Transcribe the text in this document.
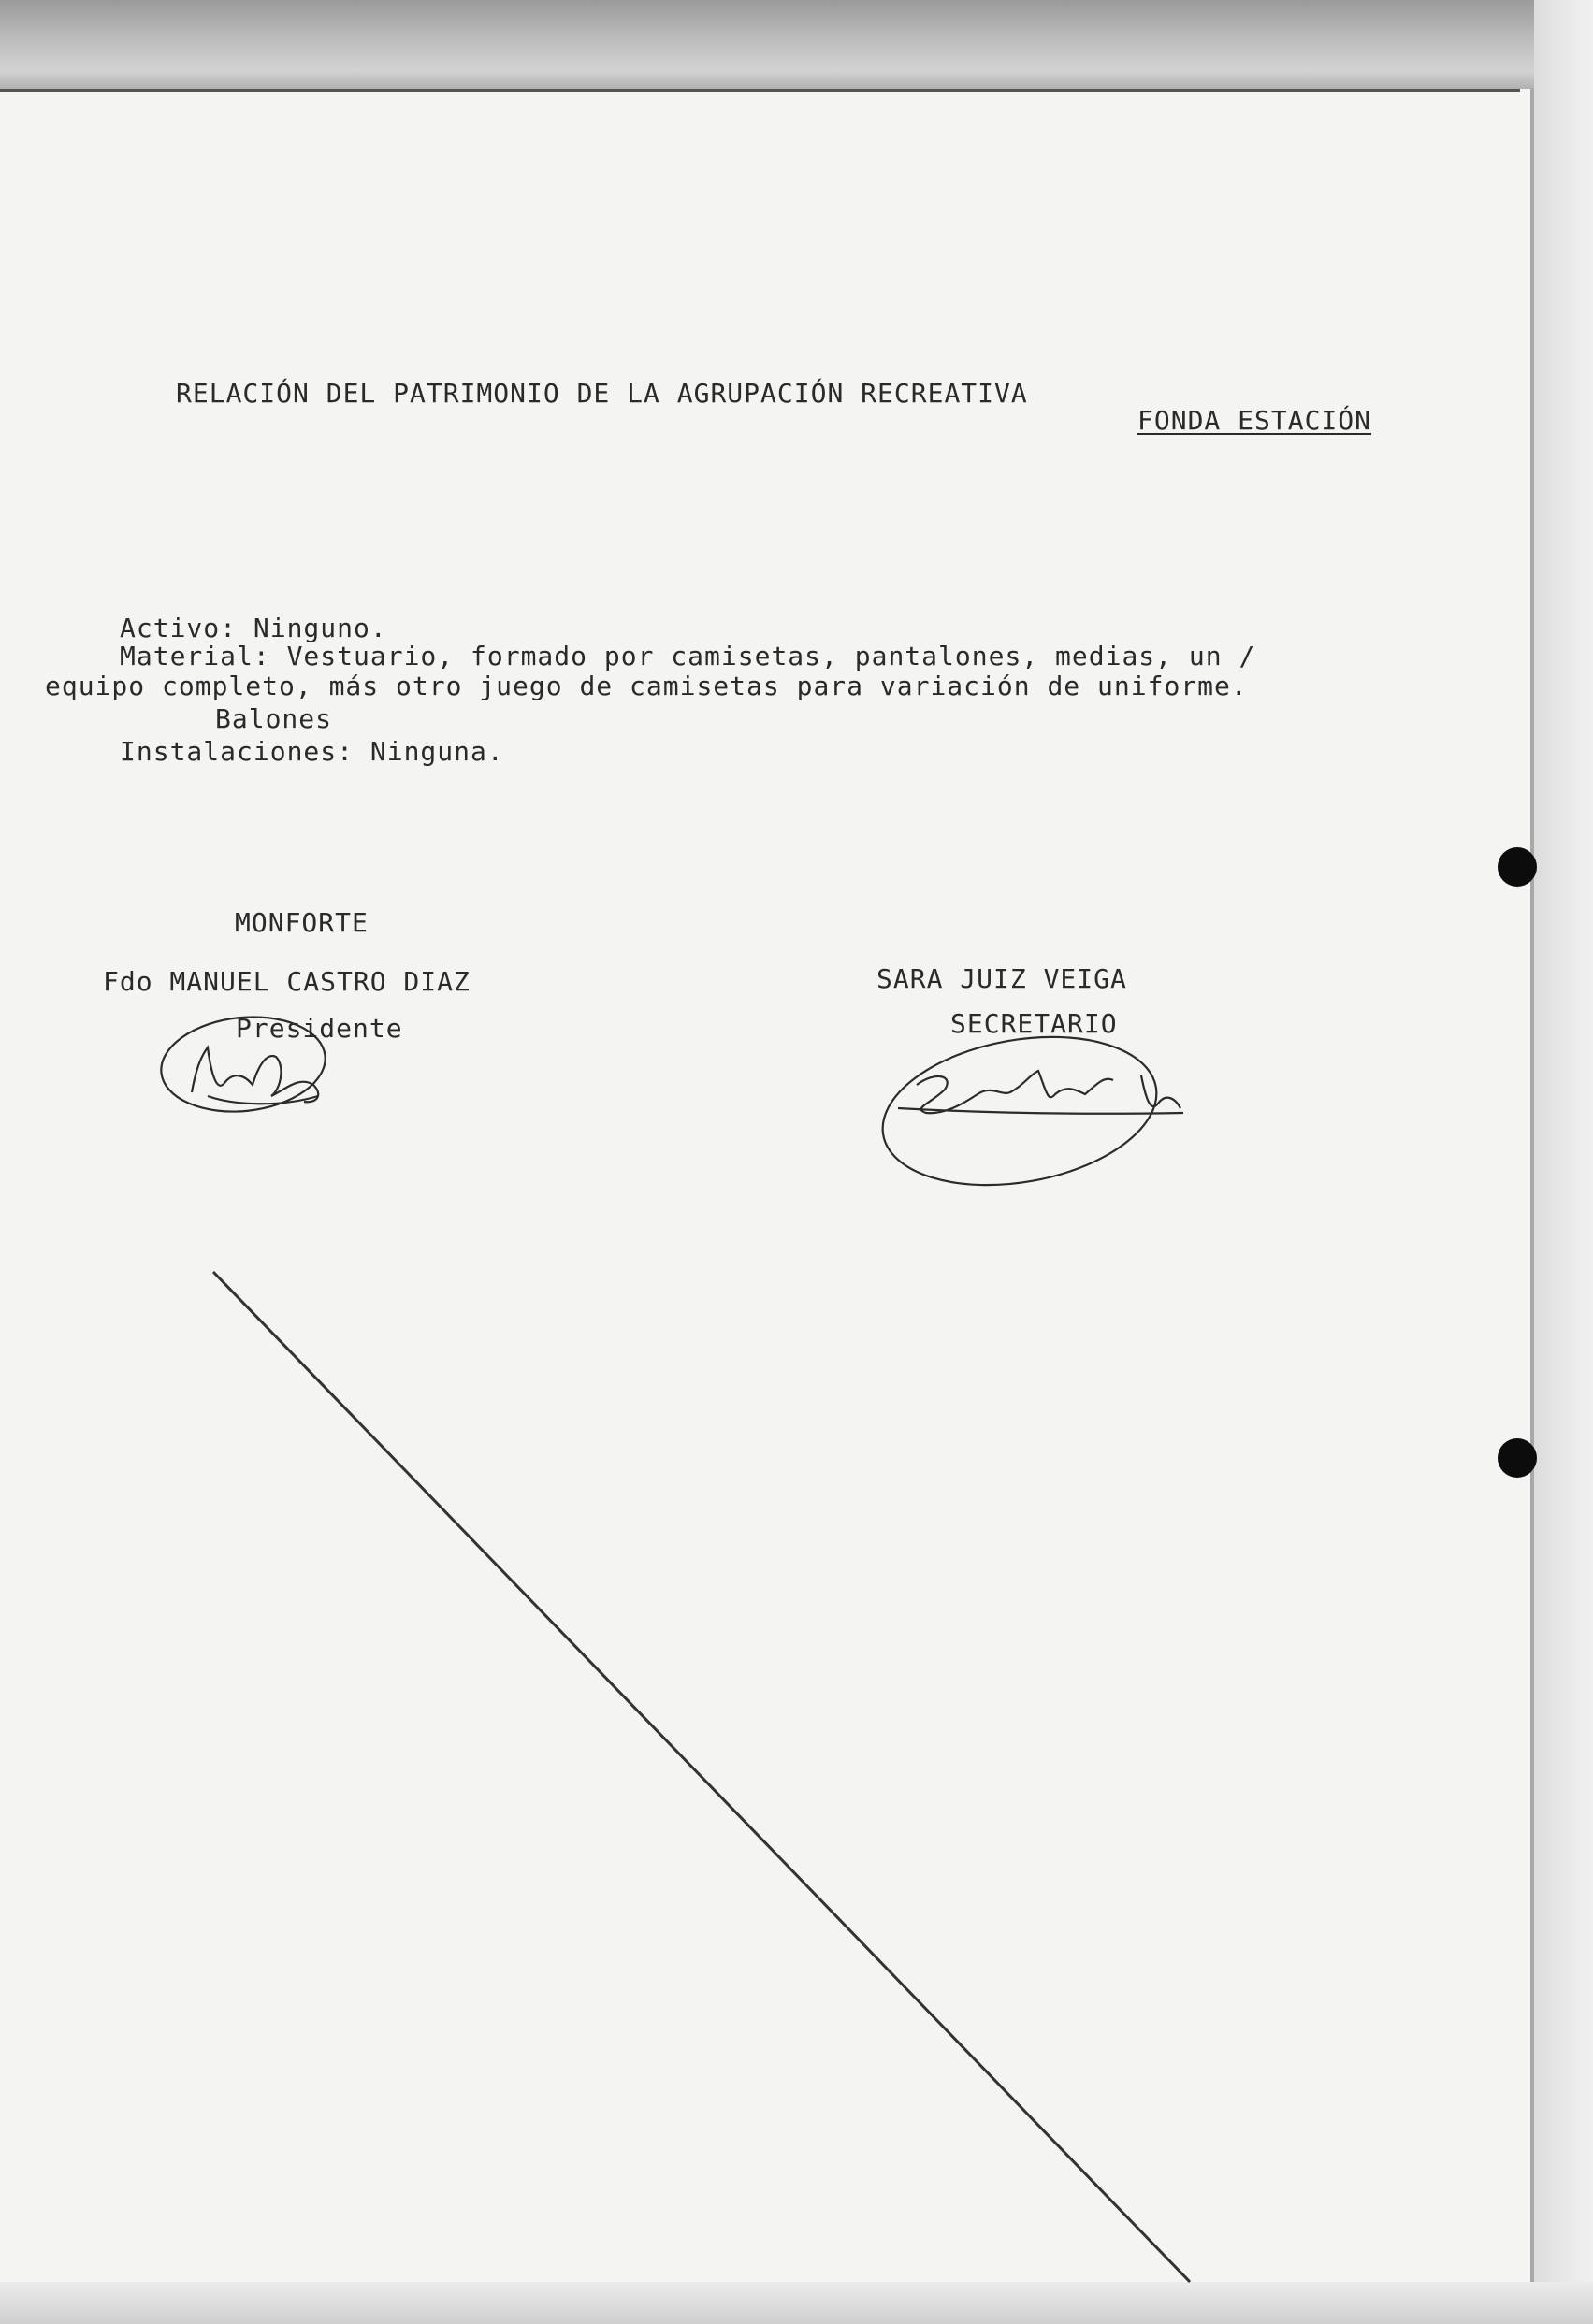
RELACIÓN DEL PATRIMONIO DE LA AGRUPACIÓN RECREATIVA
FONDA ESTACIÓN
Activo: Ninguno.
Material: Vestuario, formado por camisetas, pantalones, medias, un /
equipo completo, más otro juego de camisetas para variación de uniforme.
Balones
Instalaciones: Ninguna.
MONFORTE
Fdo MANUEL CASTRO DIAZ
Presidente
SARA JUIZ VEIGA
SECRETARIO
